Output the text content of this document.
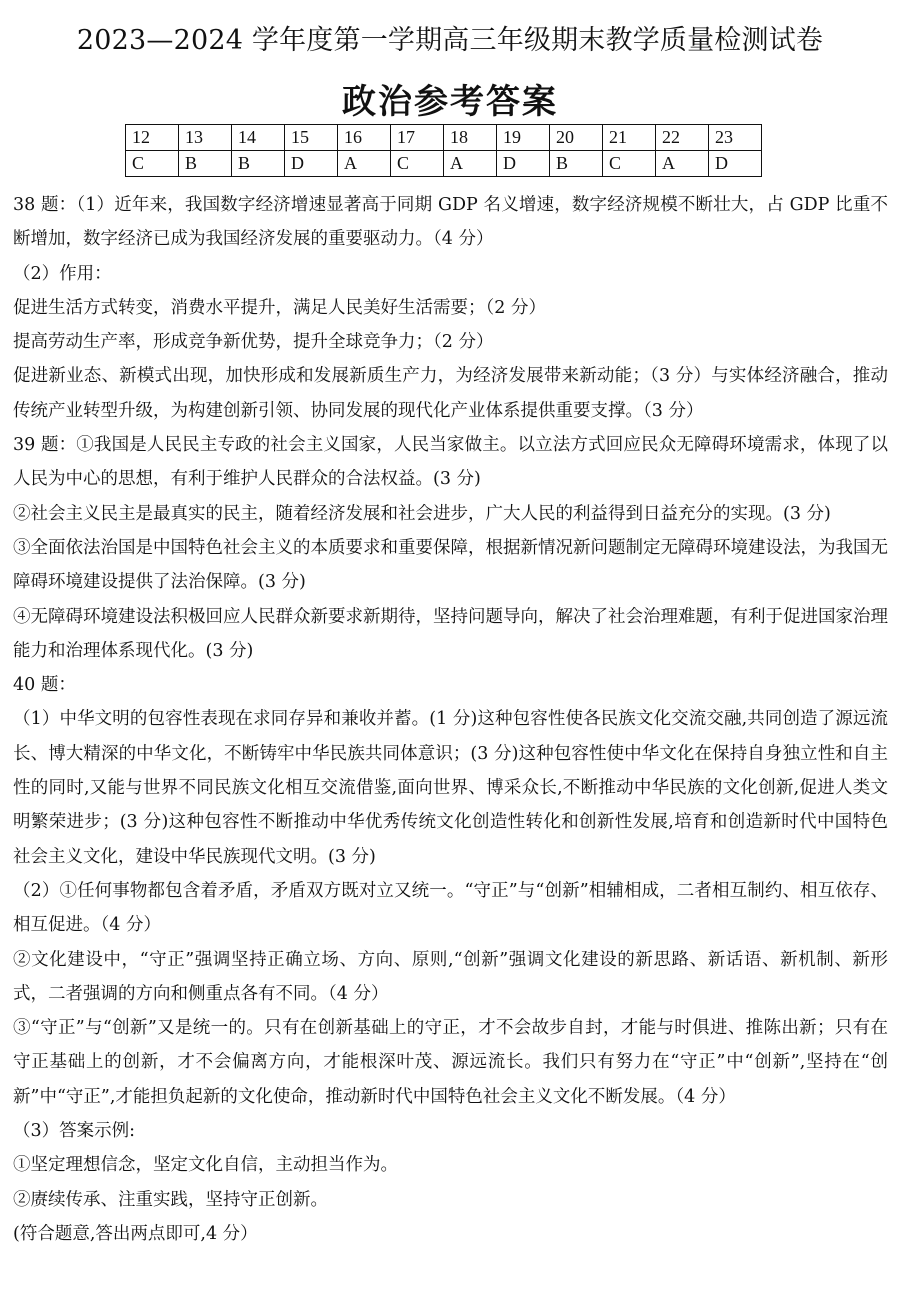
2023—2024 学年度第一学期高三年级期末教学质量检测试卷
政治参考答案
12	13	14	15	16	17	18	19	20	21	22	23
C	B	B	D	A	C	A	D	B	C	A	D

38 题：（1）近年来，我国数字经济增速显著高于同期 GDP 名义增速，数字经济规模不断壮大，占 GDP 比重不断增加，数字经济已成为我国经济发展的重要驱动力。（4 分）

（2）作用：

促进生活方式转变，消费水平提升，满足人民美好生活需要；（2 分）

提高劳动生产率，形成竞争新优势，提升全球竞争力；（2 分）

促进新业态、新模式出现，加快形成和发展新质生产力，为经济发展带来新动能；（3 分）与实体经济融合，推动传统产业转型升级，为构建创新引领、协同发展的现代化产业体系提供重要支撑。（3 分）

39 题：①我国是人民民主专政的社会主义国家，人民当家做主。以立法方式回应民众无障碍环境需求，体现了以人民为中心的思想，有利于维护人民群众的合法权益。(3 分)

②社会主义民主是最真实的民主，随着经济发展和社会进步，广大人民的利益得到日益充分的实现。(3 分)

③全面依法治国是中国特色社会主义的本质要求和重要保障，根据新情况新问题制定无障碍环境建设法，为我国无障碍环境建设提供了法治保障。(3 分)

④无障碍环境建设法积极回应人民群众新要求新期待，坚持问题导向，解决了社会治理难题，有利于促进国家治理能力和治理体系现代化。(3 分)

40 题：

（1）中华文明的包容性表现在求同存异和兼收并蓄。(1 分)这种包容性使各民族文化交流交融,共同创造了源远流长、博大精深的中华文化，不断铸牢中华民族共同体意识；(3 分)这种包容性使中华文化在保持自身独立性和自主性的同时,又能与世界不同民族文化相互交流借鉴,面向世界、博采众长,不断推动中华民族的文化创新,促进人类文明繁荣进步；(3 分)这种包容性不断推动中华优秀传统文化创造性转化和创新性发展,培育和创造新时代中国特色社会主义文化，建设中华民族现代文明。(3 分)

（2）①任何事物都包含着矛盾，矛盾双方既对立又统一。“守正”与“创新”相辅相成，二者相互制约、相互依存、相互促进。（4 分）

②文化建设中，“守正”强调坚持正确立场、方向、原则,“创新”强调文化建设的新思路、新话语、新机制、新形式，二者强调的方向和侧重点各有不同。（4 分）

③“守正”与“创新”又是统一的。只有在创新基础上的守正，才不会故步自封，才能与时俱进、推陈出新；只有在守正基础上的创新，才不会偏离方向，才能根深叶茂、源远流长。我们只有努力在“守正”中“创新”,坚持在“创新”中“守正”,才能担负起新的文化使命，推动新时代中国特色社会主义文化不断发展。（4 分）

（3）答案示例:

①坚定理想信念，坚定文化自信，主动担当作为。

②赓续传承、注重实践，坚持守正创新。

(符合题意,答出两点即可,4 分）
